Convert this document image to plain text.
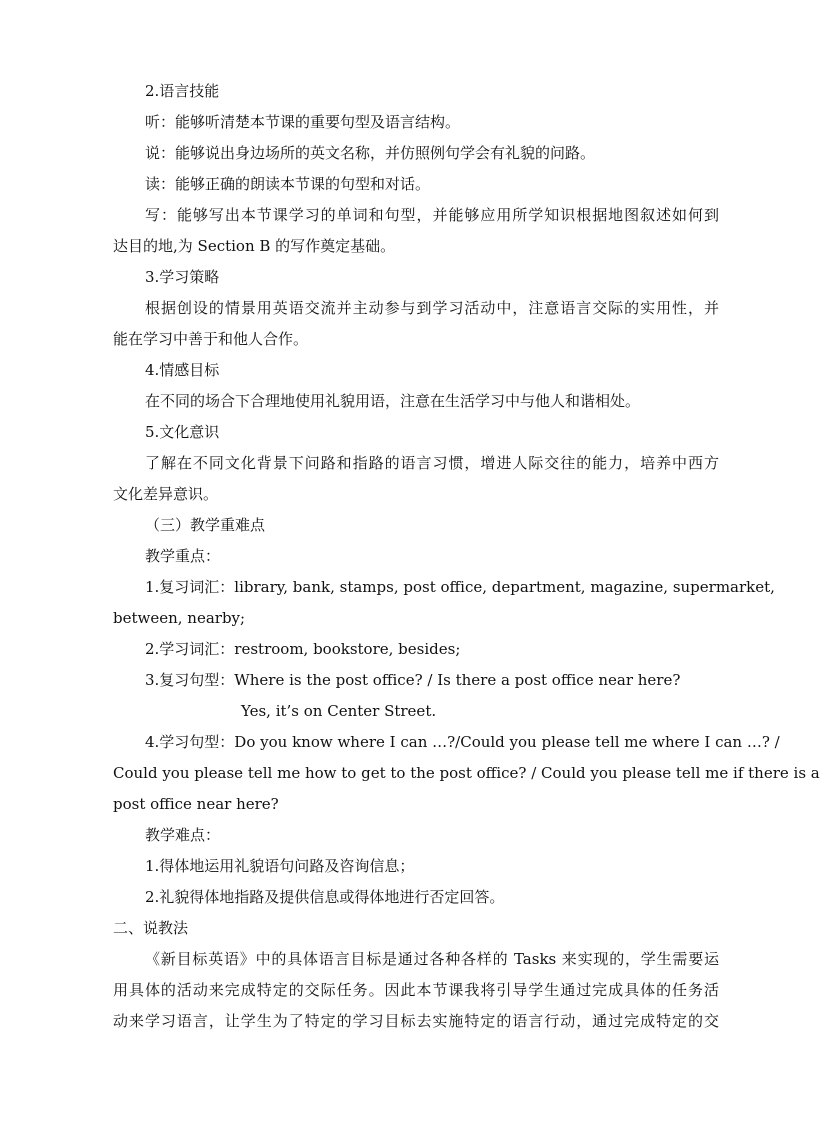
2.语言技能
听：能够听清楚本节课的重要句型及语言结构。
说：能够说出身边场所的英文名称，并仿照例句学会有礼貌的问路。
读：能够正确的朗读本节课的句型和对话。
写：能够写出本节课学习的单词和句型，并能够应用所学知识根据地图叙述如何到
达目的地,为 Section B 的写作奠定基础。
3.学习策略
根据创设的情景用英语交流并主动参与到学习活动中，注意语言交际的实用性，并
能在学习中善于和他人合作。
4.情感目标
在不同的场合下合理地使用礼貌用语，注意在生活学习中与他人和谐相处。
5.文化意识
了解在不同文化背景下问路和指路的语言习惯，增进人际交往的能力，培养中西方
文化差异意识。
（三）教学重难点
教学重点：
1.复习词汇：library, bank, stamps, post office, department, magazine, supermarket,
between, nearby;
2.学习词汇：restroom, bookstore, besides;
3.复习句型：Where is the post office? / Is there a post office near here?
Yes, it’s on Center Street.
4.学习句型：Do you know where I can …?/Could you please tell me where I can …? /
Could you please tell me how to get to the post office? / Could you please tell me if there is a
post office near here?
教学难点：
1.得体地运用礼貌语句问路及咨询信息；
2.礼貌得体地指路及提供信息或得体地进行否定回答。
二、说教法
《新目标英语》中的具体语言目标是通过各种各样的 Tasks 来实现的，学生需要运
用具体的活动来完成特定的交际任务。因此本节课我将引导学生通过完成具体的任务活
动来学习语言，让学生为了特定的学习目标去实施特定的语言行动，通过完成特定的交
